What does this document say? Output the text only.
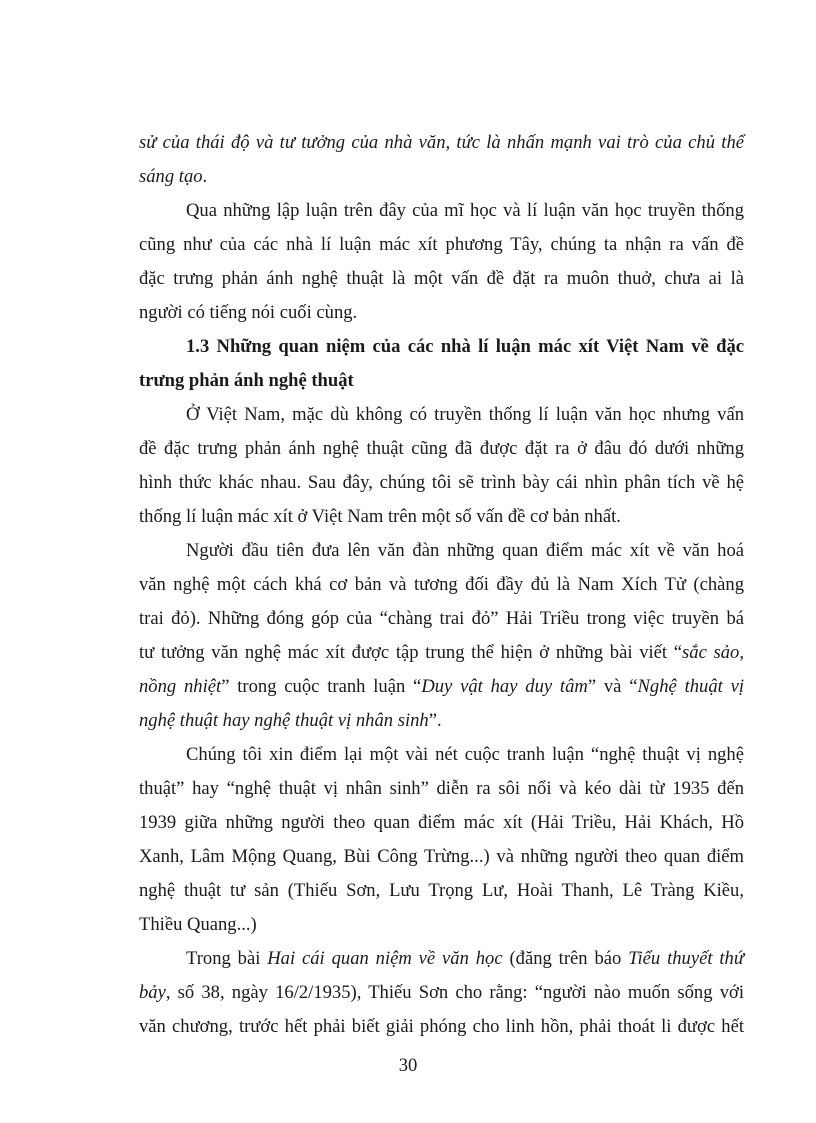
sử của thái độ và tư tưởng của nhà văn, tức là nhấn mạnh vai trò của chủ thể
sáng tạo.
Qua những lập luận trên đây của mĩ học và lí luận văn học truyền thống
cũng như của các nhà lí luận mác xít phương Tây, chúng ta nhận ra vấn đề
đặc trưng phản ánh nghệ thuật là một vấn đề đặt ra muôn thuở, chưa ai là
người có tiếng nói cuối cùng.
1.3 Những quan niệm của các nhà lí luận mác xít Việt Nam về đặc
trưng phản ánh nghệ thuật
Ở Việt Nam, mặc dù không có truyền thống lí luận văn học nhưng vấn
đề đặc trưng phản ánh nghệ thuật cũng đã được đặt ra ở đâu đó dưới những
hình thức khác nhau. Sau đây, chúng tôi sẽ trình bày cái nhìn phân tích về hệ
thống lí luận mác xít ở Việt Nam trên một số vấn đề cơ bản nhất.
Người đầu tiên đưa lên văn đàn những quan điểm mác xít về văn hoá
văn nghệ một cách khá cơ bản và tương đối đầy đủ là Nam Xích Tử (chàng
trai đỏ). Những đóng góp của “chàng trai đỏ” Hải Triều trong việc truyền bá
tư tưởng văn nghệ mác xít được tập trung thể hiện ở những bài viết “sắc sảo,
nồng nhiệt” trong cuộc tranh luận “Duy vật hay duy tâm” và “Nghệ thuật vị
nghệ thuật hay nghệ thuật vị nhân sinh”.
Chúng tôi xin điểm lại một vài nét cuộc tranh luận “nghệ thuật vị nghệ
thuật” hay “nghệ thuật vị nhân sinh” diễn ra sôi nổi và kéo dài từ 1935 đến
1939 giữa những người theo quan điểm mác xít (Hải Triều, Hải Khách, Hồ
Xanh, Lâm Mộng Quang, Bùi Công Trừng...) và những người theo quan điểm
nghệ thuật tư sản (Thiếu Sơn, Lưu Trọng Lư, Hoài Thanh, Lê Tràng Kiều,
Thiều Quang...)
Trong bài Hai cái quan niệm về văn học (đăng trên báo Tiểu thuyết thứ
bảy, số 38, ngày 16/2/1935), Thiếu Sơn cho rằng: “người nào muốn sống với
văn chương, trước hết phải biết giải phóng cho linh hồn, phải thoát li được hết
30
